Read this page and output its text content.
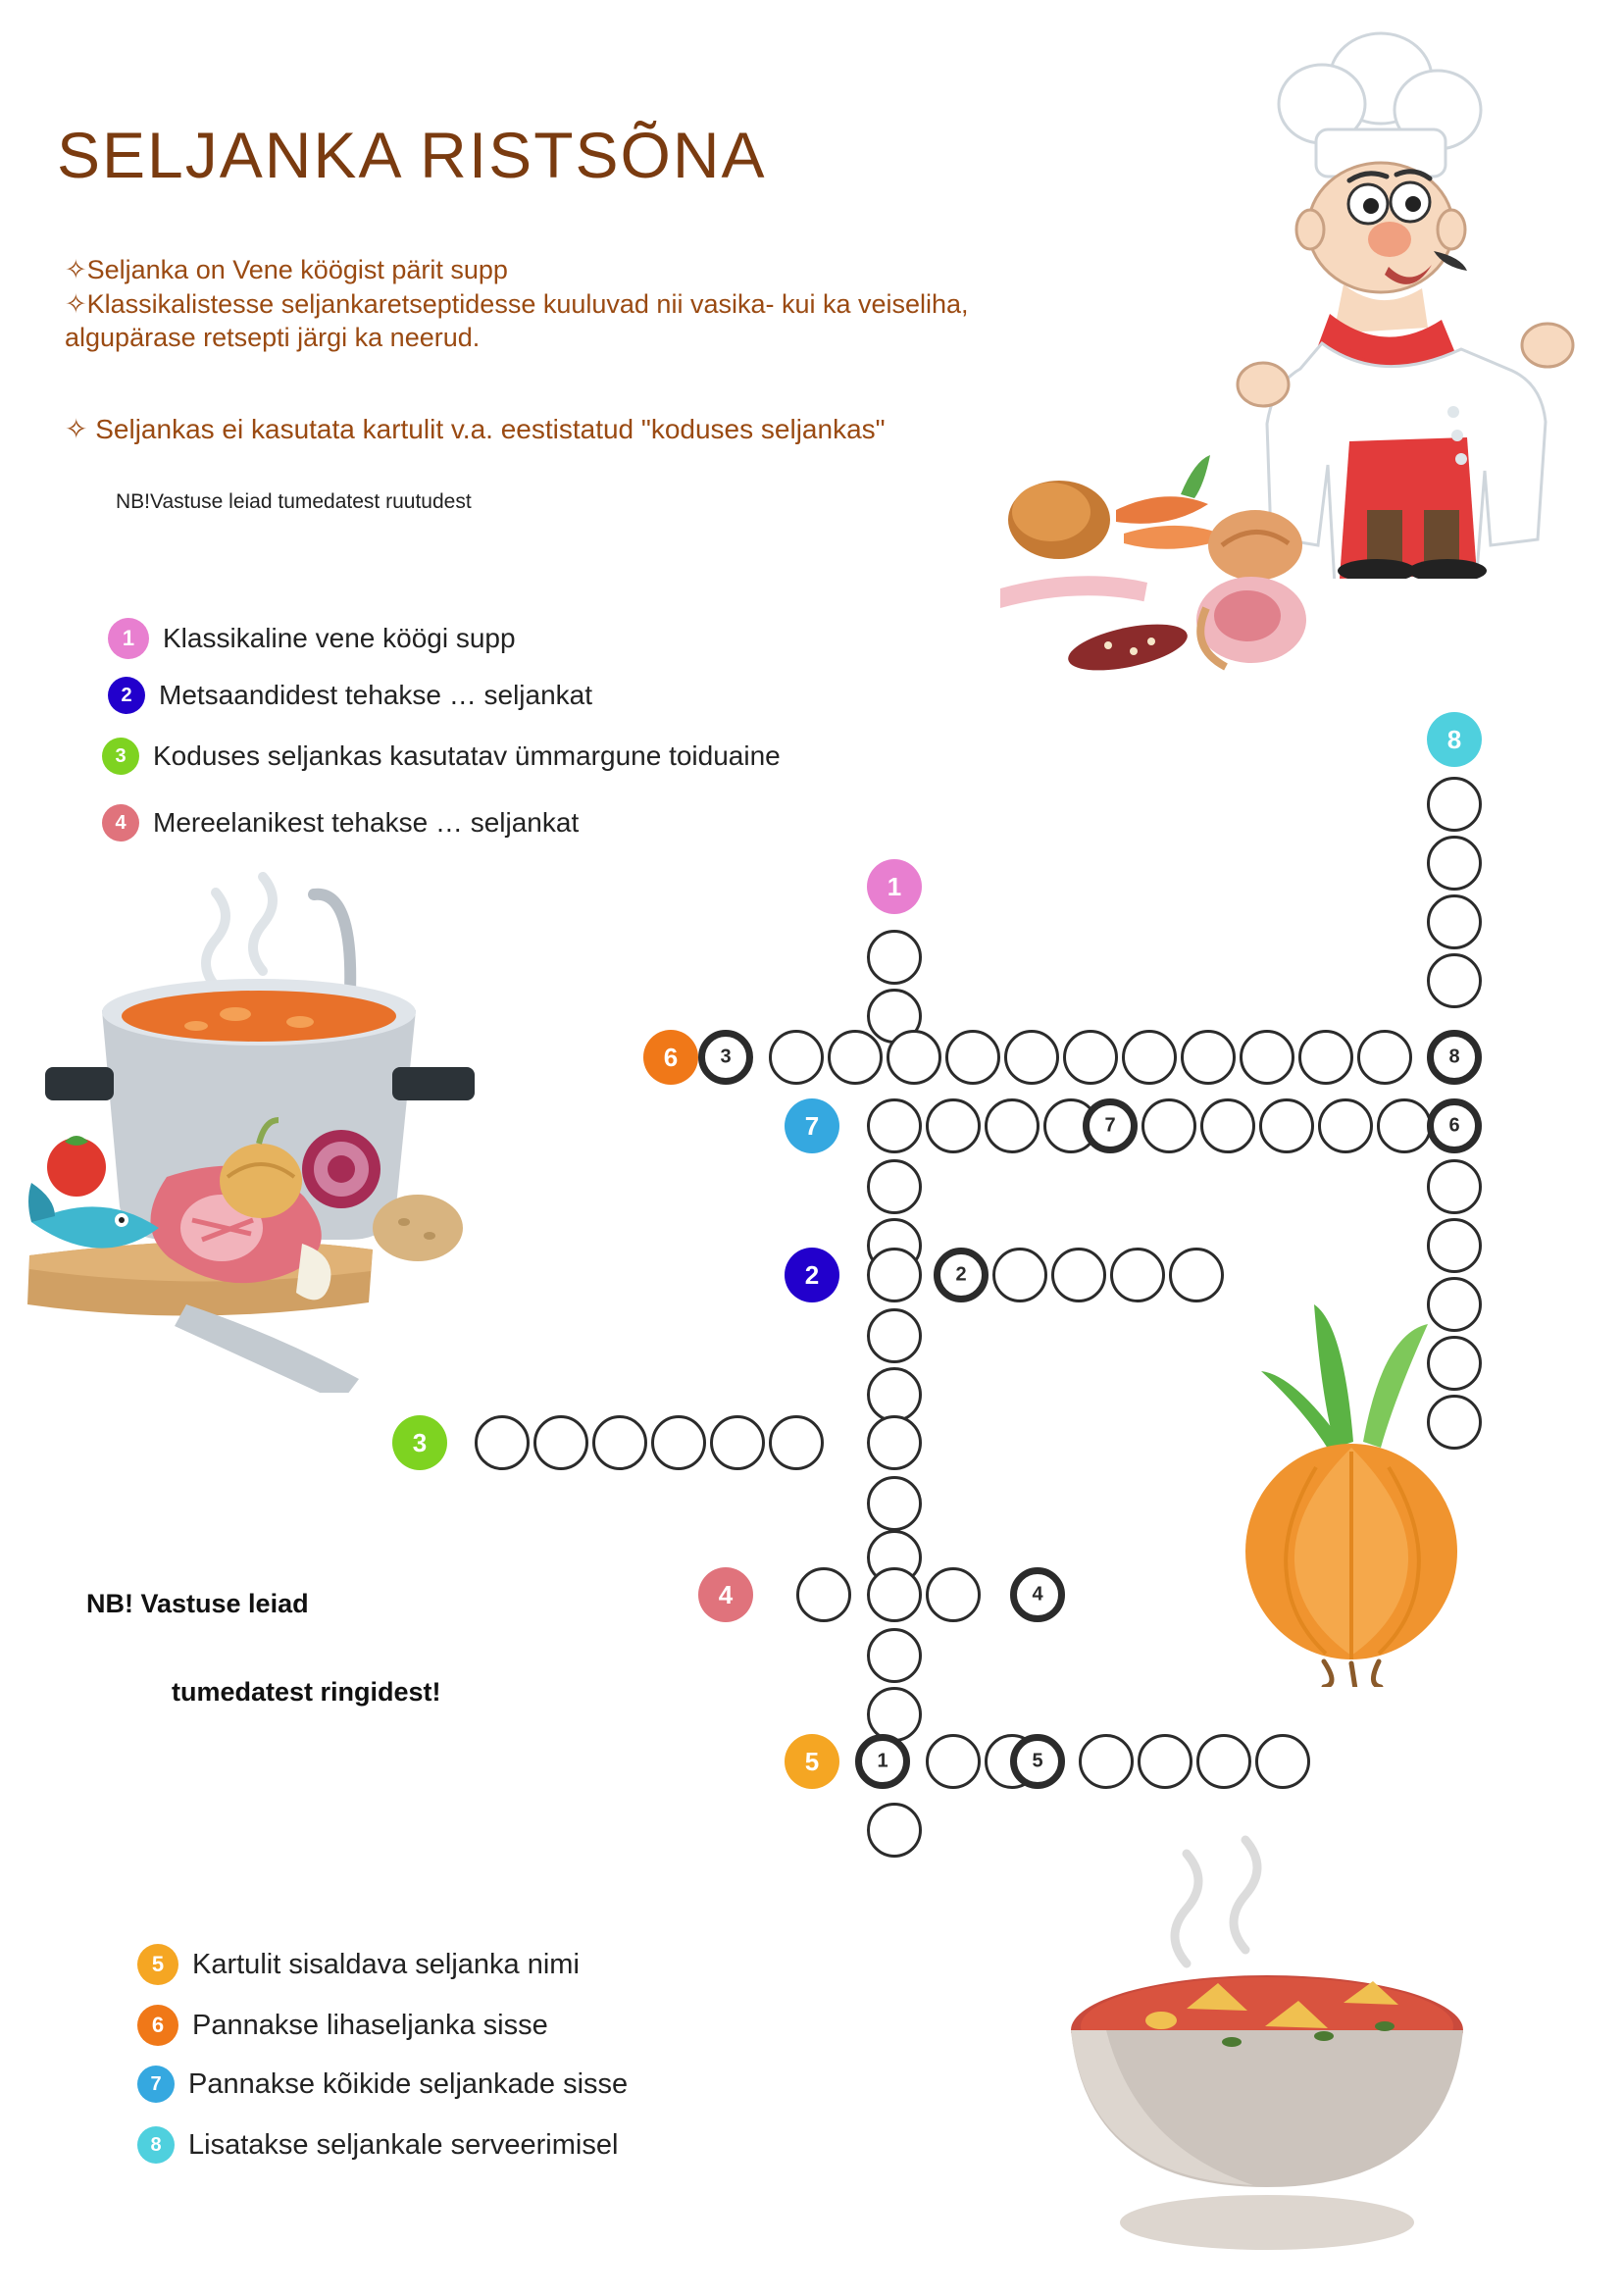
SELJANKA RISTSÕNA
✧Seljanka on Vene köögist pärit supp
✧Klassikalistesse seljankaretseptidesse kuuluvad nii vasika- kui ka veiseliha, algupärase retsepti järgi ka neerud.
✧ Seljankas ei kasutata kartulit v.a. eestistatud "koduses seljankas"
NB!Vastuse leiad tumedatest ruutudest
1	Klassikaline vene köögi supp
2 Metsaandidest tehakse … seljankat
3 Koduses seljankas kasutatav ümmargune toiduaine
4 Mereelanikest tehakse … seljankat
NB! Vastuse leiad
tumedatest ringidest!
5 Kartulit sisaldava seljanka nimi
6 Pannakse lihaseljanka sisse
7 Pannakse kõikide seljankade sisse
8 Lisatakse seljankale serveerimisel
3	8
7	6
2
4
1	5
1
8
6
7
2
3
4
5
